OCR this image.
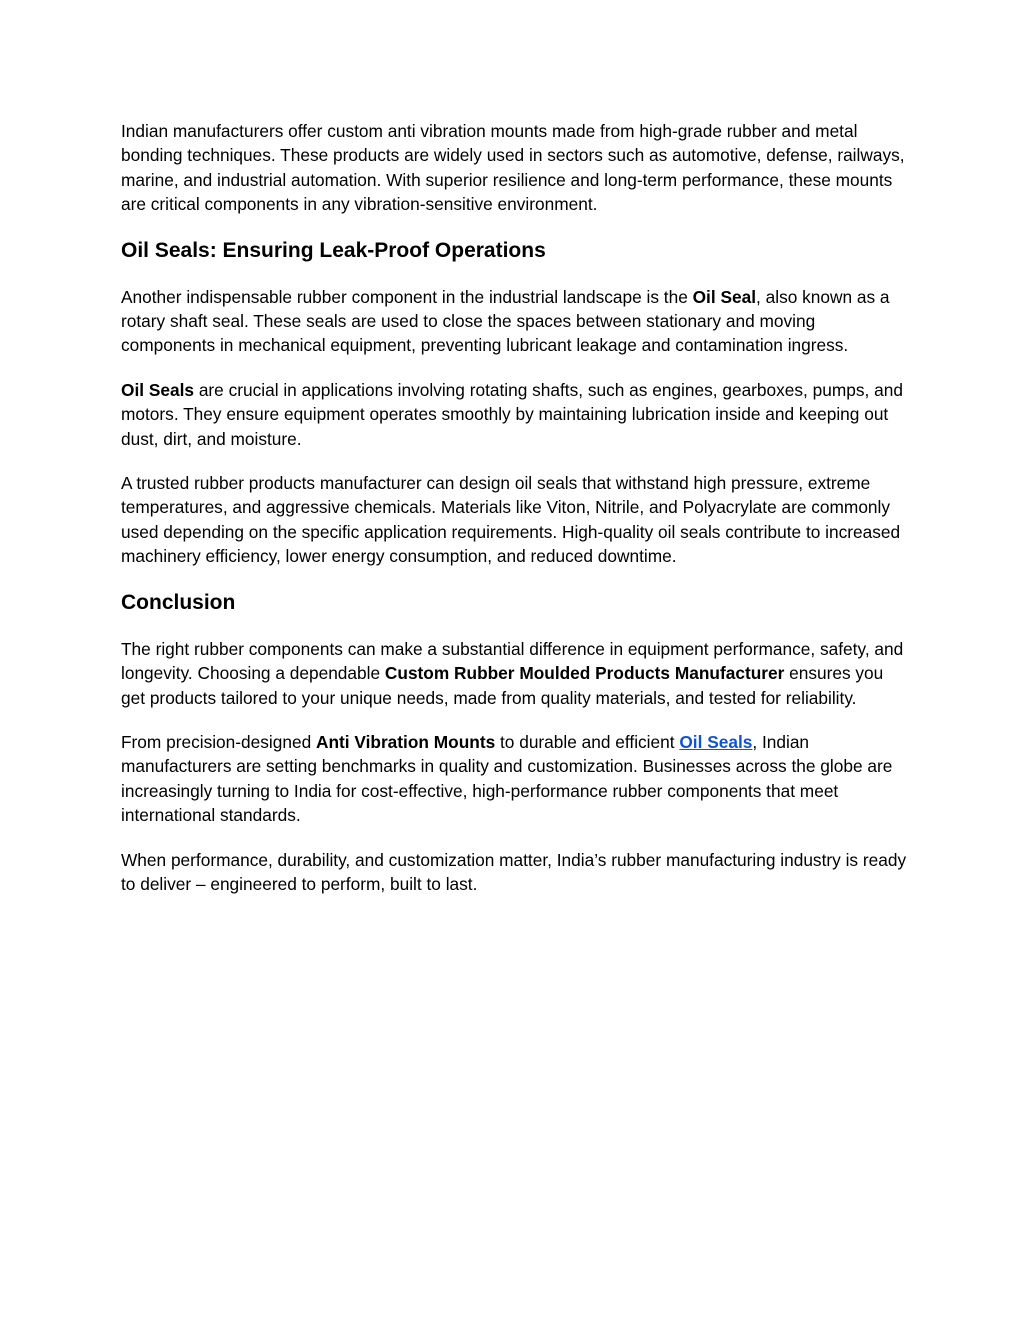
Indian manufacturers offer custom anti vibration mounts made from high-grade rubber and metal bonding techniques. These products are widely used in sectors such as automotive, defense, railways, marine, and industrial automation. With superior resilience and long-term performance, these mounts are critical components in any vibration-sensitive environment.

Oil Seals: Ensuring Leak-Proof Operations

Another indispensable rubber component in the industrial landscape is the Oil Seal, also known as a rotary shaft seal. These seals are used to close the spaces between stationary and moving components in mechanical equipment, preventing lubricant leakage and contamination ingress.

Oil Seals are crucial in applications involving rotating shafts, such as engines, gearboxes, pumps, and motors. They ensure equipment operates smoothly by maintaining lubrication inside and keeping out dust, dirt, and moisture.

A trusted rubber products manufacturer can design oil seals that withstand high pressure, extreme temperatures, and aggressive chemicals. Materials like Viton, Nitrile, and Polyacrylate are commonly used depending on the specific application requirements. High-quality oil seals contribute to increased machinery efficiency, lower energy consumption, and reduced downtime.

Conclusion

The right rubber components can make a substantial difference in equipment performance, safety, and longevity. Choosing a dependable Custom Rubber Moulded Products Manufacturer ensures you get products tailored to your unique needs, made from quality materials, and tested for reliability.

From precision-designed Anti Vibration Mounts to durable and efficient Oil Seals, Indian manufacturers are setting benchmarks in quality and customization. Businesses across the globe are increasingly turning to India for cost-effective, high-performance rubber components that meet international standards.

When performance, durability, and customization matter, India’s rubber manufacturing industry is ready to deliver – engineered to perform, built to last.
